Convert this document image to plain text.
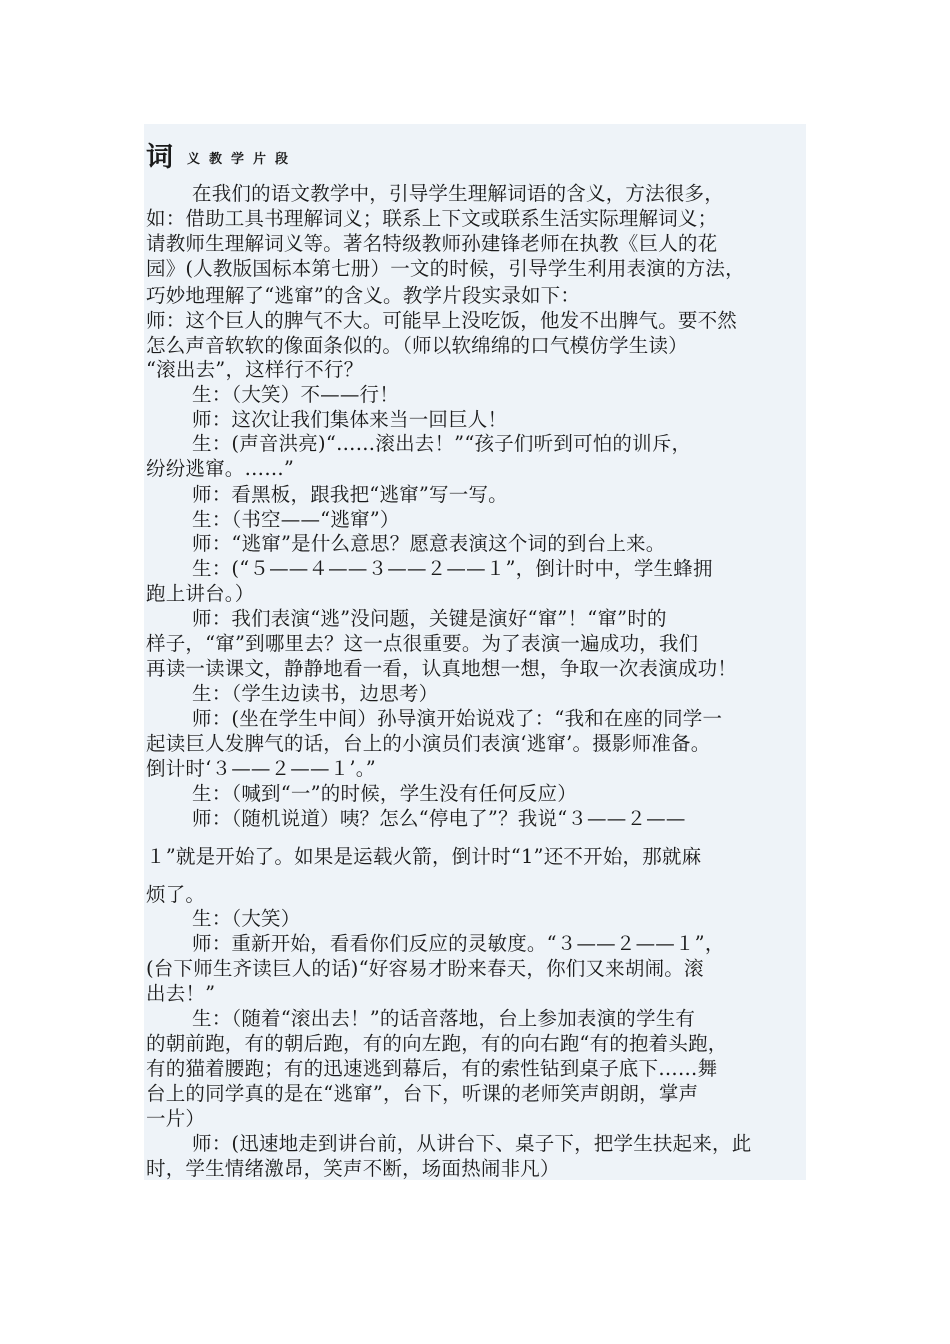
词 义教学片段
在我们的语文教学中，引导学生理解词语的含义，方法很多，
如：借助工具书理解词义；联系上下文或联系生活实际理解词义；
请教师生理解词义等。著名特级教师孙建锋老师在执教《巨人的花
园》(人教版国标本第七册）一文的时候，引导学生利用表演的方法，
巧妙地理解了“逃窜”的含义。教学片段实录如下：
师：这个巨人的脾气不大。可能早上没吃饭，他发不出脾气。要不然
怎么声音软软的像面条似的。（师以软绵绵的口气模仿学生读）
“滚出去”，这样行不行？
生：（大笑）不——行！
师：这次让我们集体来当一回巨人！
生：(声音洪亮)“……滚出去！”“孩子们听到可怕的训斥，
纷纷逃窜。……”
师：看黑板，跟我把“逃窜”写一写。
生：（书空——“逃窜”）
师：“逃窜”是什么意思？愿意表演这个词的到台上来。
生：(“５——４——３——２——１”，倒计时中，学生蜂拥
跑上讲台。）
师：我们表演“逃”没问题，关键是演好“窜”！“窜”时的
样子，“窜”到哪里去？这一点很重要。为了表演一遍成功，我们
再读一读课文，静静地看一看，认真地想一想，争取一次表演成功！
生：（学生边读书，边思考）
师：(坐在学生中间）孙导演开始说戏了：“我和在座的同学一
起读巨人发脾气的话，台上的小演员们表演‘逃窜’。摄影师准备。
倒计时‘３——２——１’。”
生：（喊到“一”的时候，学生没有任何反应）
师：（随机说道）咦？怎么“停电了”？我说“３——２——
１”就是开始了。如果是运载火箭，倒计时“1”还不开始，那就麻
烦了。
生：（大笑）
师：重新开始，看看你们反应的灵敏度。“３——２——１”，
(台下师生齐读巨人的话)“好容易才盼来春天，你们又来胡闹。滚
出去！”
生：（随着“滚出去！”的话音落地，台上参加表演的学生有
的朝前跑，有的朝后跑，有的向左跑，有的向右跑“有的抱着头跑，
有的猫着腰跑；有的迅速逃到幕后，有的索性钻到桌子底下……舞
台上的同学真的是在“逃窜”，台下，听课的老师笑声朗朗，掌声
一片）
师：(迅速地走到讲台前，从讲台下、桌子下，把学生扶起来，此
时，学生情绪激昂，笑声不断，场面热闹非凡）
